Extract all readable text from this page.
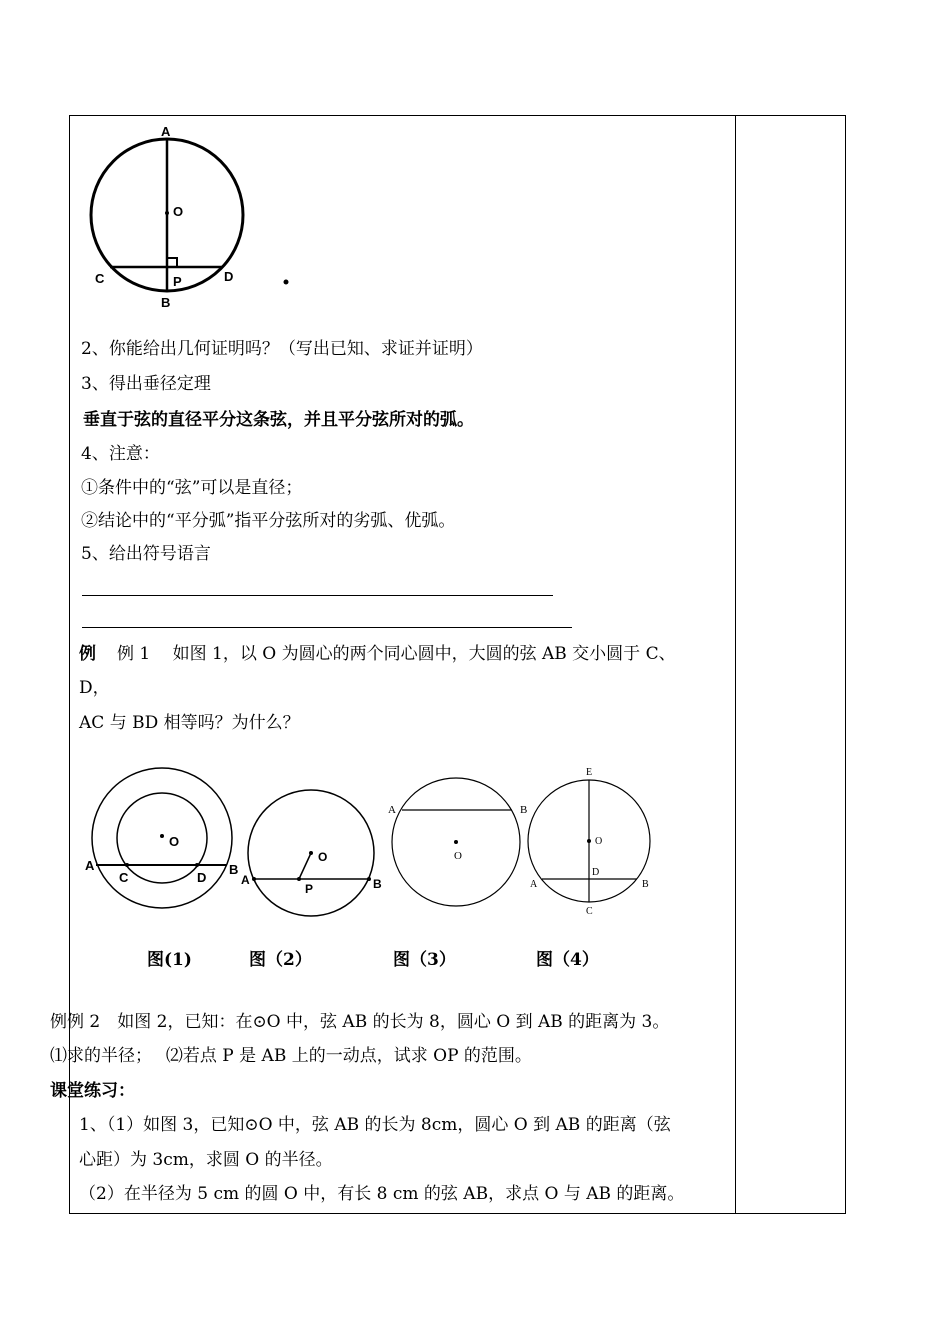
A
O
C	P	D
B
2、你能给出几何证明吗？（写出已知、求证并证明）
3、得出垂径定理
垂直于弦的直径平分这条弦，并且平分弦所对的弧。
4、注意：
①条件中的“弦”可以是直径；
②结论中的“平分弧”指平分弦所对的劣弧、优弧。
5、给出符号语言
例 例 1　 如图 1，以 O 为圆心的两个同心圆中，大圆的弦 AB 交小圆于 C、
D，
AC 与 BD 相等吗？为什么？
O
A
C	D
B
O
A
P	B
A	B
O
E
O
D
A	B
C
图(1)	图（2）	图（3）	图（4）
例例 2　如图 2，已知：在⊙O 中，弦 AB 的长为 8，圆心 O 到 AB 的距离为 3。
⑴求的半径；　 ⑵若点 P 是 AB 上的一动点，试求 OP 的范围。
课堂练习：
1、（1）如图 3，已知⊙O 中，弦 AB 的长为 8cm，圆心 O 到 AB 的距离（弦
心距）为 3cm，求圆 O 的半径。
（2）在半径为 5 cm 的圆 O 中，有长 8 cm 的弦 AB，求点 O 与 AB 的距离。
